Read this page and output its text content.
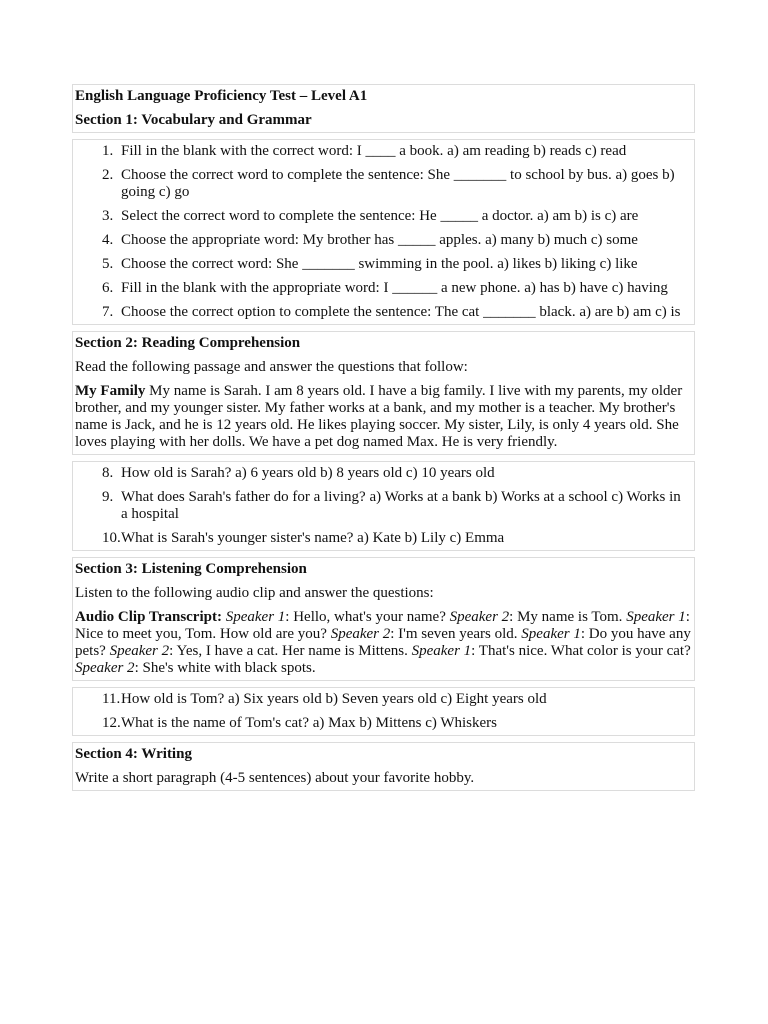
English Language Proficiency Test – Level A1
Section 1: Vocabulary and Grammar
1. Fill in the blank with the correct word: I ____ a book. a) am reading b) reads c) read
2. Choose the correct word to complete the sentence: She _______ to school by bus. a) goes b) going c) go
3. Select the correct word to complete the sentence: He _____ a doctor. a) am b) is c) are
4. Choose the appropriate word: My brother has _____ apples. a) many b) much c) some
5. Choose the correct word: She _______ swimming in the pool. a) likes b) liking c) like
6. Fill in the blank with the appropriate word: I ______ a new phone. a) has b) have c) having
7. Choose the correct option to complete the sentence: The cat _______ black. a) are b) am c) is
Section 2: Reading Comprehension
Read the following passage and answer the questions that follow:
My Family My name is Sarah. I am 8 years old. I have a big family. I live with my parents, my older brother, and my younger sister. My father works at a bank, and my mother is a teacher. My brother's name is Jack, and he is 12 years old. He likes playing soccer. My sister, Lily, is only 4 years old. She loves playing with her dolls. We have a pet dog named Max. He is very friendly.
8. How old is Sarah? a) 6 years old b) 8 years old c) 10 years old
9. What does Sarah's father do for a living? a) Works at a bank b) Works at a school c) Works in a hospital
10. What is Sarah's younger sister's name? a) Kate b) Lily c) Emma
Section 3: Listening Comprehension
Listen to the following audio clip and answer the questions:
Audio Clip Transcript: Speaker 1: Hello, what's your name? Speaker 2: My name is Tom. Speaker 1: Nice to meet you, Tom. How old are you? Speaker 2: I'm seven years old. Speaker 1: Do you have any pets? Speaker 2: Yes, I have a cat. Her name is Mittens. Speaker 1: That's nice. What color is your cat? Speaker 2: She's white with black spots.
11. How old is Tom? a) Six years old b) Seven years old c) Eight years old
12. What is the name of Tom's cat? a) Max b) Mittens c) Whiskers
Section 4: Writing
Write a short paragraph (4-5 sentences) about your favorite hobby.
